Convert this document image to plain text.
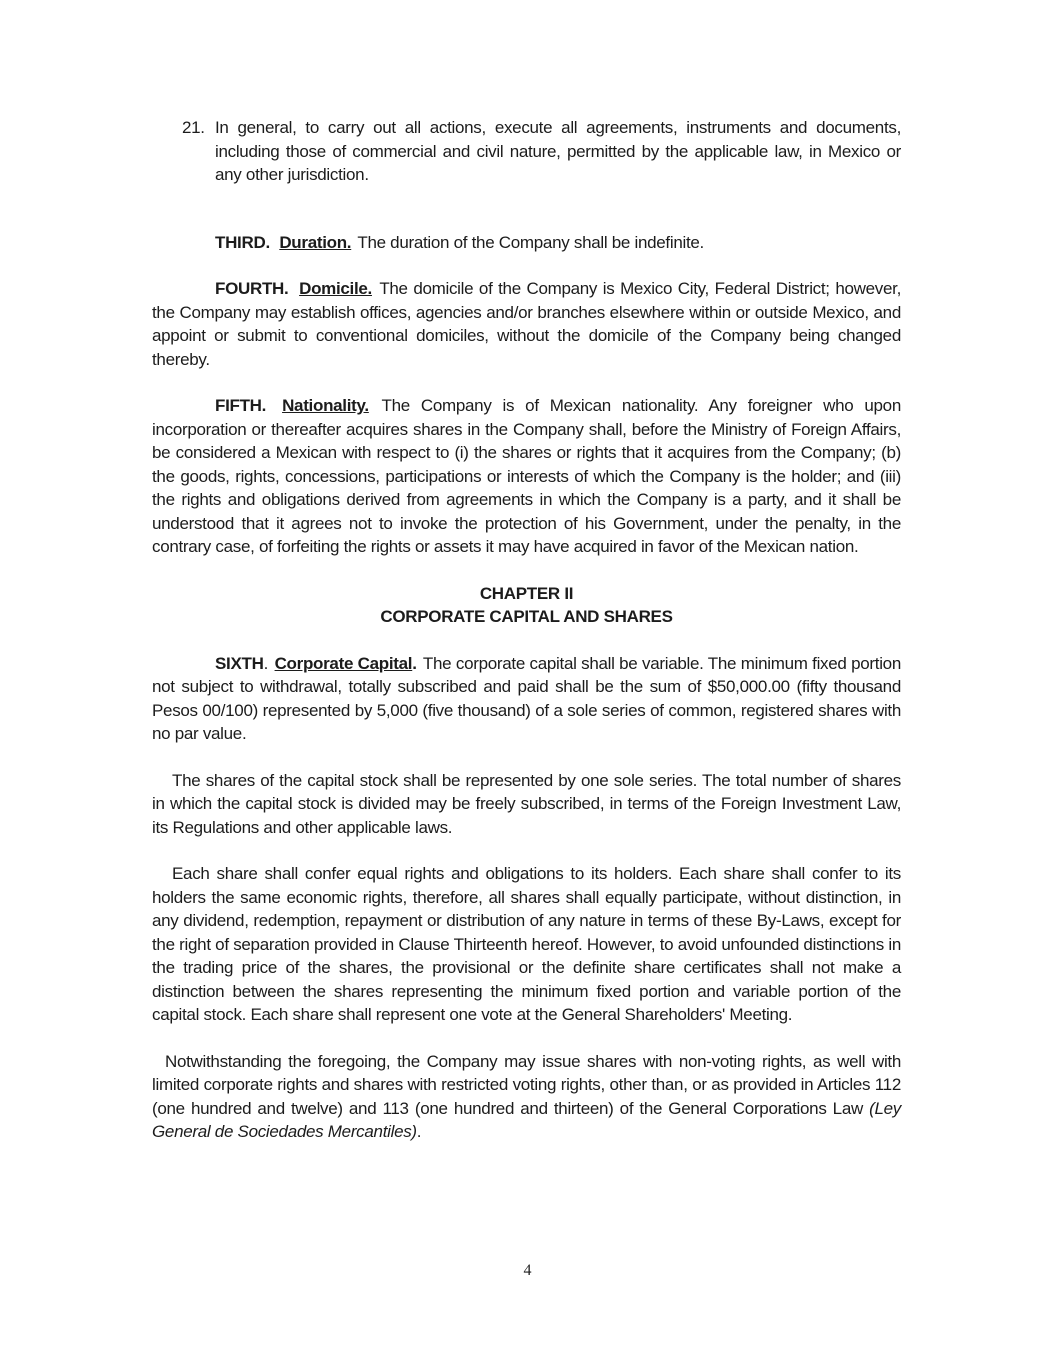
21. In general, to carry out all actions, execute all agreements, instruments and documents, including those of commercial and civil nature, permitted by the applicable law, in Mexico or any other jurisdiction.

THIRD. Duration. The duration of the Company shall be indefinite.

FOURTH. Domicile. The domicile of the Company is Mexico City, Federal District; however, the Company may establish offices, agencies and/or branches elsewhere within or outside Mexico, and appoint or submit to conventional domiciles, without the domicile of the Company being changed thereby.

FIFTH. Nationality. The Company is of Mexican nationality. Any foreigner who upon incorporation or thereafter acquires shares in the Company shall, before the Ministry of Foreign Affairs, be considered a Mexican with respect to (i) the shares or rights that it acquires from the Company; (b) the goods, rights, concessions, participations or interests of which the Company is the holder; and (iii) the rights and obligations derived from agreements in which the Company is a party, and it shall be understood that it agrees not to invoke the protection of his Government, under the penalty, in the contrary case, of forfeiting the rights or assets it may have acquired in favor of the Mexican nation.

CHAPTER II
CORPORATE CAPITAL AND SHARES

SIXTH. Corporate Capital. The corporate capital shall be variable. The minimum fixed portion not subject to withdrawal, totally subscribed and paid shall be the sum of $50,000.00 (fifty thousand Pesos 00/100) represented by 5,000 (five thousand) of a sole series of common, registered shares with no par value.

The shares of the capital stock shall be represented by one sole series. The total number of shares in which the capital stock is divided may be freely subscribed, in terms of the Foreign Investment Law, its Regulations and other applicable laws.

Each share shall confer equal rights and obligations to its holders. Each share shall confer to its holders the same economic rights, therefore, all shares shall equally participate, without distinction, in any dividend, redemption, repayment or distribution of any nature in terms of these By-Laws, except for the right of separation provided in Clause Thirteenth hereof. However, to avoid unfounded distinctions in the trading price of the shares, the provisional or the definite share certificates shall not make a distinction between the shares representing the minimum fixed portion and variable portion of the capital stock. Each share shall represent one vote at the General Shareholders' Meeting.

Notwithstanding the foregoing, the Company may issue shares with non-voting rights, as well with limited corporate rights and shares with restricted voting rights, other than, or as provided in Articles 112 (one hundred and twelve) and 113 (one hundred and thirteen) of the General Corporations Law (Ley General de Sociedades Mercantiles).

4
